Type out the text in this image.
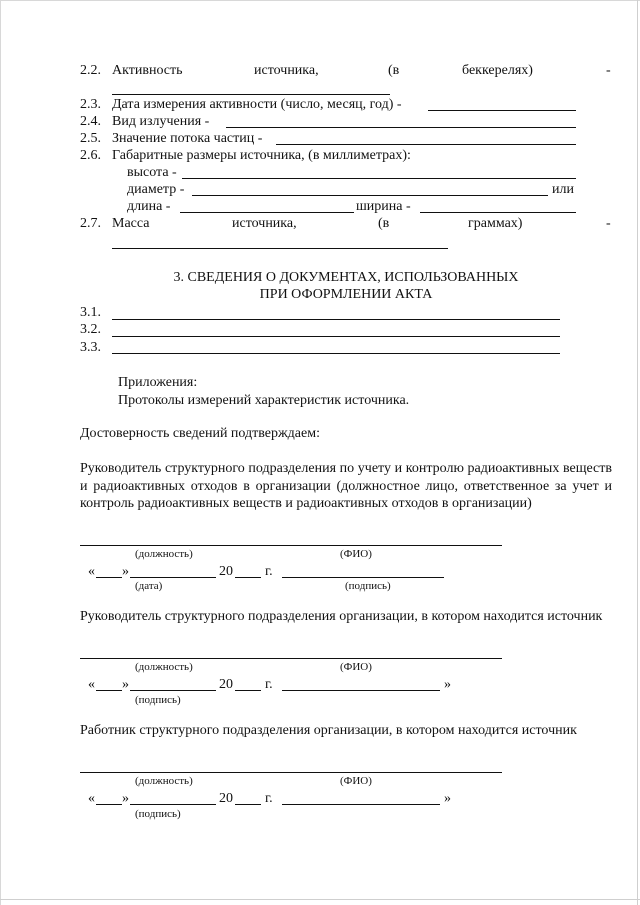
2.2. Активность	источника,	(в	беккерелях)	-
2.3. Дата измерения активности (число, месяц, год) -
2.4. Вид излучения -
2.5. Значение потока частиц -
2.6. Габаритные размеры источника, (в миллиметрах):
высота -
диаметр -	или
длина -	ширина -
2.7. Масса	источника,	(в	граммах)	-
3. СВЕДЕНИЯ О ДОКУМЕНТАХ, ИСПОЛЬЗОВАННЫХ
ПРИ ОФОРМЛЕНИИ АКТА
3.1.
3.2.
3.3.
Приложения:
Протоколы измерений характеристик источника.
Достоверность сведений подтверждаем:
Руководитель структурного подразделения по учету и контролю радиоактивных веществ и радиоактивных отходов в организации (должностное лицо, ответственное за учет и контроль радиоактивных веществ и радиоактивных отходов в организации)
(должность)	(ФИО)
« »	20 г.
(дата)	(подпись)
Руководитель структурного подразделения организации, в котором находится источник
(должность)	(ФИО)
« »	20 г.	»
(подпись)
Работник структурного подразделения организации, в котором находится источник
(должность)	(ФИО)
« »	20 г.	»
(подпись)
